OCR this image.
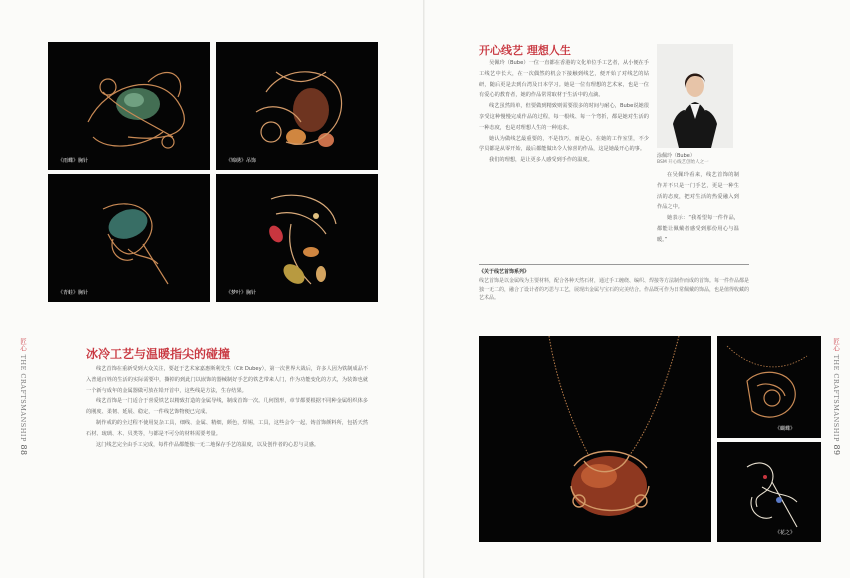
《雨蝶》胸针	《锦绣》吊饰
《青蛙》胸针	《梦叶》胸针
冰冷工艺与温暖指尖的碰撞

线艺首饰在重新受到大众关注，要赶于艺术家嘉惠斯利先生（Cit Dubey），第一次世界大战后，许多人因为铁制成品不入普通百姓的生活的实际需要中，撕掉的到此门以嵌饰的器械制好手艺的铁艺带来人门，作为功能变化的方式，为装饰也就一个新与成年的金属器做可放在铅开首中，这些线是方法，生存结果。

线艺首饰是一门适合于喜爱铁艺以精致打造的金属导线，制成首饰一次。几何图形，章节都要根据不同种金属组织体多的刚度、柔韧、延展、稳定，一件线艺饰物便已完成。

制作戒的的全过程不使用复杂工具，细线、金属、精细，颜色，焊锡，工具，这些会令一起，铸首饰颜料所，包括天然石材、琉璃、木、贝类等，与都是不可分的材料需要考量。

这门线艺完全由手工完成，每件作品都能独一无二地保存手艺的温度，以及创作者的心思与灵感。

匠心 THE CRAFTSMANSHIP 88
开心线艺 理想人生

吴佩玲（Bube）一位一直都在香港的文化单位手工艺者，从小便在手工线艺中长大，在一次偶然的机会下接触到线艺，便开始了对线艺的钻研，随后更是去到台湾及日本学习。她是一位有理想的艺术家，也是一位有爱心的教育者，她的作品常常取材于生活中的点滴。

线艺虽然简单，但要做到精致则需要很多的时间与耐心，Bube说她很享受这种慢慢完成作品的过程，每一根线、每一个弯折，都是她对生活的一种态度，也是对理想人生的一种追求。

她认为做线艺最重要的，不是技巧，而是心。在她的工作室里，不少学员都是从零开始，最后都能做出令人惊喜的作品，这是她最开心的事。

我们的理想，是让更多人感受到手作的温度。

涂佩玲（Bube）
BSM 开心线艺创始人之一

在吴佩玲看来，线艺首饰的制作并不只是一门手艺，更是一种生活的态度，把对生活的热爱融入到作品之中。

她表示：“我希望每一件作品，都能让佩戴者感受到那份用心与温暖。”

《关于线艺首饰系列》
线艺首饰是以金属线为主要材料，配合各种天然石材，通过手工缠绕、编织、焊接等方法制作而成的首饰。每一件作品都是独一无二的，融合了设计者的巧思与工艺，展现出金属与宝石的完美结合。作品既可作为日常佩戴的饰品，也是值得收藏的艺术品。
《蝴蝶》
《花之》
匠心 THE CRAFTSMANSHIP 89
